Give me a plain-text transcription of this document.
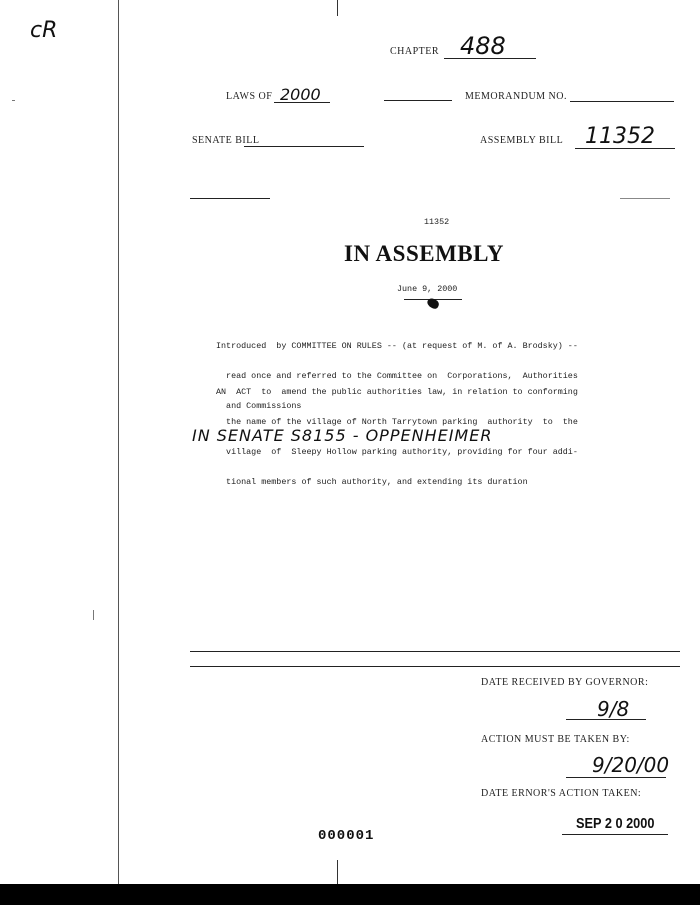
cR
CHAPTER 488
LAWS OF 2000	MEMORANDUM NO.
SENATE BILL	ASSEMBLY BILL 11352
11352
IN ASSEMBLY
June 9, 2000

Introduced  by COMMITTEE ON RULES -- (at request of M. of A. Brodsky) --

read once and referred to the Committee on  Corporations,  Authorities

and Commissions

AN  ACT  to  amend the public authorities law, in relation to conforming

the name of the village of North Tarrytown parking  authority  to  the

village  of  Sleepy Hollow parking authority, providing for four addi-

tional members of such authority, and extending its duration

IN SENATE S8155 - OPPENHEIMER
DATE RECEIVED BY GOVERNOR:
9/8
ACTION MUST BE TAKEN BY:
9/20/00
DATE ERNOR'S ACTION TAKEN:
SEP 2 0 2000
000001
